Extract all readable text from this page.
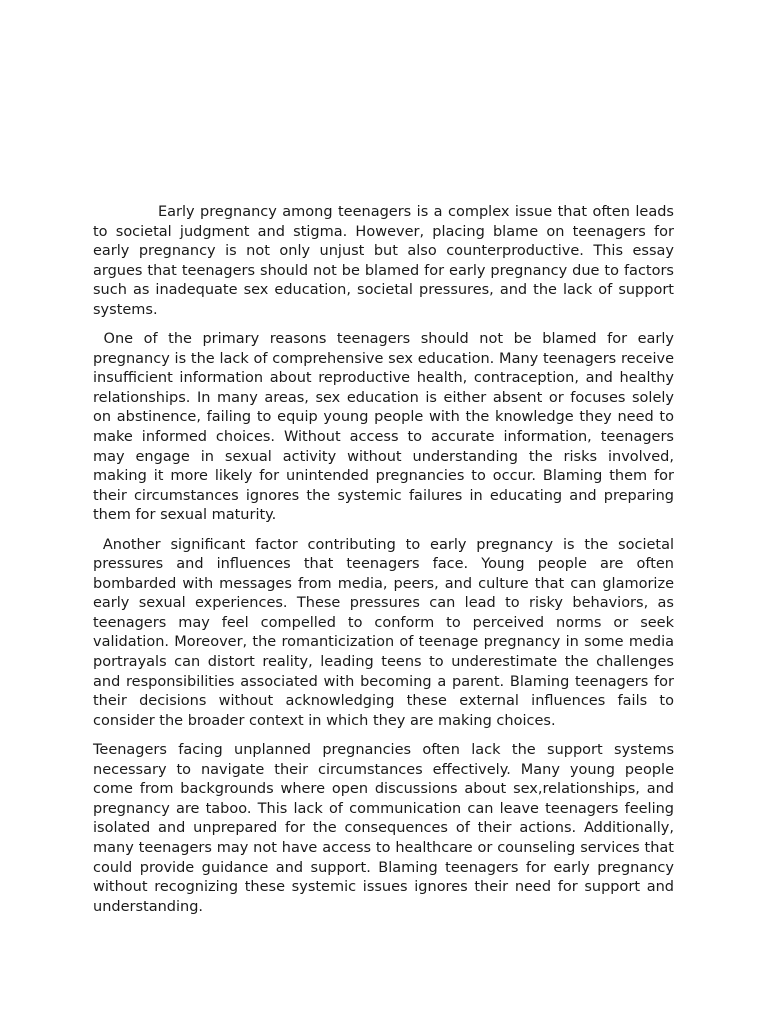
Early pregnancy among teenagers is a complex issue that often leads to societal judgment and stigma. However, placing blame on teenagers for early pregnancy is not only unjust but also counterproductive. This essay argues that teenagers should not be blamed for early pregnancy due to factors such as inadequate sex education, societal pressures, and the lack of support systems.

One of the primary reasons teenagers should not be blamed for early pregnancy is the lack of comprehensive sex education. Many teenagers receive insufficient information about reproductive health, contraception, and healthy relationships. In many areas, sex education is either absent or focuses solely on abstinence, failing to equip young people with the knowledge they need to make informed choices. Without access to accurate information, teenagers may engage in sexual activity without understanding the risks involved, making it more likely for unintended pregnancies to occur. Blaming them for their circumstances ignores the systemic failures in educating and preparing them for sexual maturity.

Another significant factor contributing to early pregnancy is the societal pressures and influences that teenagers face. Young people are often bombarded with messages from media, peers, and culture that can glamorize early sexual experiences. These pressures can lead to risky behaviors, as teenagers may feel compelled to conform to perceived norms or seek validation. Moreover, the romanticization of teenage pregnancy in some media portrayals can distort reality, leading teens to underestimate the challenges and responsibilities associated with becoming a parent. Blaming teenagers for their decisions without acknowledging these external influences fails to consider the broader context in which they are making choices.

Teenagers facing unplanned pregnancies often lack the support systems necessary to navigate their circumstances effectively. Many young people come from backgrounds where open discussions about sex,relationships, and pregnancy are taboo. This lack of communication can leave teenagers feeling isolated and unprepared for the consequences of their actions. Additionally, many teenagers may not have access to healthcare or counseling services that could provide guidance and support. Blaming teenagers for early pregnancy without recognizing these systemic issues ignores their need for support and understanding.
